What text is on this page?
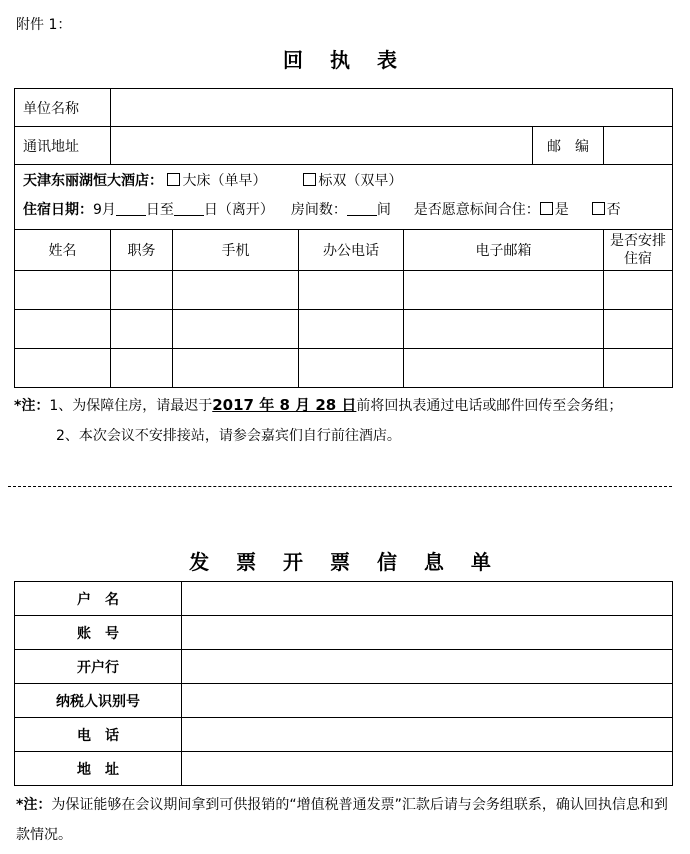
附件 1：
回 执 表
单位名称						
通讯地址					邮　编	

天津东丽湖恒大酒店： 大床（单早） 标双（双早）
住宿日期：9月 日至 日（离开） 房间数： 间 是否愿意标间合住： 是 否						

姓名	职务	手机	办公电话	电子邮箱		是否安排住宿

*注：1、为保障住房，请最迟于2017 年 8 月 28 日前将回执表通过电话或邮件回传至会务组；
2、本次会议不安排接站，请参会嘉宾们自行前往酒店。
发 票 开 票 信 息 单
户　名	
账　号	
开户行	
纳税人识别号	
电　话	
地　址	
*注：为保证能够在会议期间拿到可供报销的“增值税普通发票”汇款后请与会务组联系，确认回执信息和到款情况。
